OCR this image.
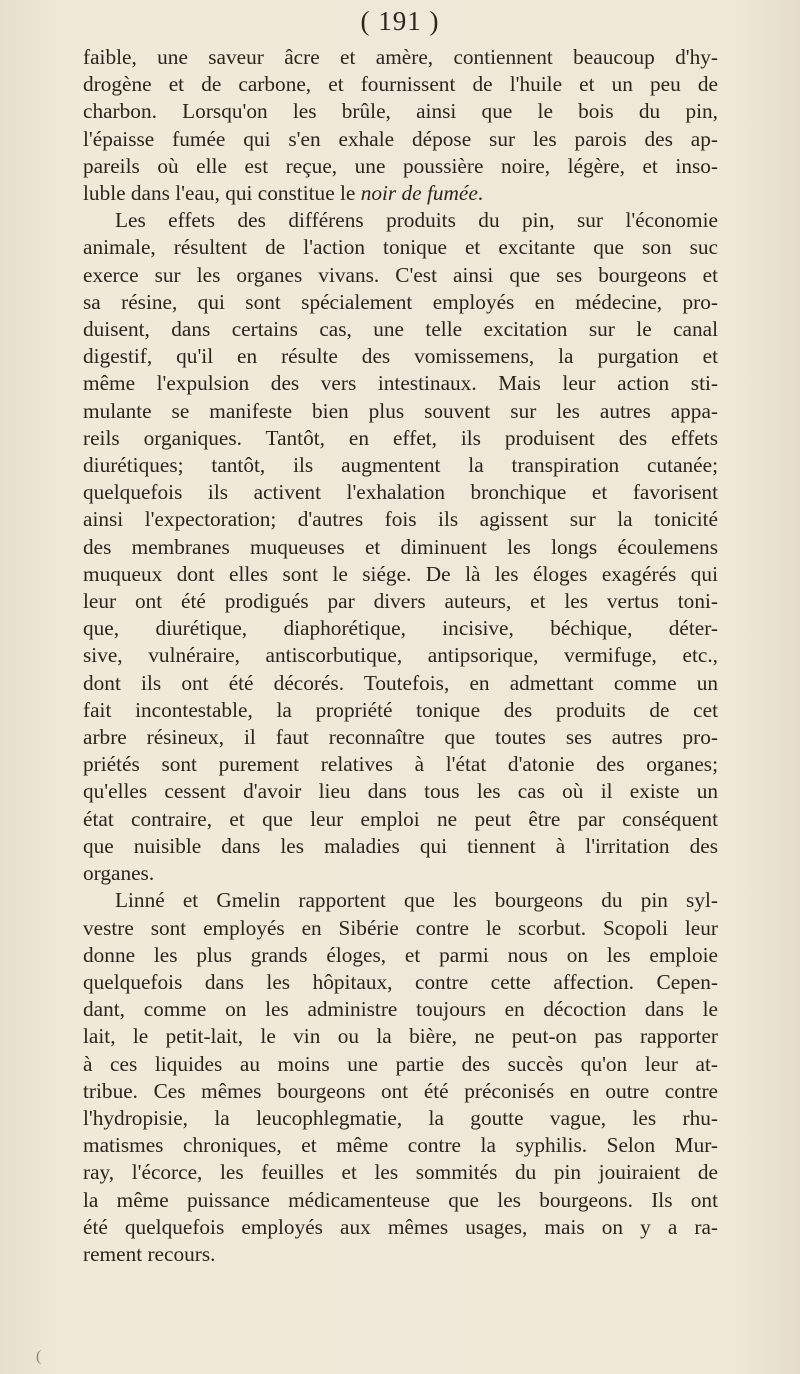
( 191 )

faible, une saveur âcre et amère, contiennent beaucoup d'hy-
drogène et de carbone, et fournissent de l'huile et un peu de
charbon. Lorsqu'on les brûle, ainsi que le bois du pin,
l'épaisse fumée qui s'en exhale dépose sur les parois des ap-
pareils où elle est reçue, une poussière noire, légère, et inso-
luble dans l'eau, qui constitue le noir de fumée.

Les effets des différens produits du pin, sur l'économie
animale, résultent de l'action tonique et excitante que son suc
exerce sur les organes vivans. C'est ainsi que ses bourgeons et
sa résine, qui sont spécialement employés en médecine, pro-
duisent, dans certains cas, une telle excitation sur le canal
digestif, qu'il en résulte des vomissemens, la purgation et
même l'expulsion des vers intestinaux. Mais leur action sti-
mulante se manifeste bien plus souvent sur les autres appa-
reils organiques. Tantôt, en effet, ils produisent des effets
diurétiques; tantôt, ils augmentent la transpiration cutanée;
quelquefois ils activent l'exhalation bronchique et favorisent
ainsi l'expectoration; d'autres fois ils agissent sur la tonicité
des membranes muqueuses et diminuent les longs écoulemens
muqueux dont elles sont le siége. De là les éloges exagérés qui
leur ont été prodigués par divers auteurs, et les vertus toni-
que, diurétique, diaphorétique, incisive, béchique, déter-
sive, vulnéraire, antiscorbutique, antipsorique, vermifuge, etc.,
dont ils ont été décorés. Toutefois, en admettant comme un
fait incontestable, la propriété tonique des produits de cet
arbre résineux, il faut reconnaître que toutes ses autres pro-
priétés sont purement relatives à l'état d'atonie des organes;
qu'elles cessent d'avoir lieu dans tous les cas où il existe un
état contraire, et que leur emploi ne peut être par conséquent
que nuisible dans les maladies qui tiennent à l'irritation des
organes.

Linné et Gmelin rapportent que les bourgeons du pin syl-
vestre sont employés en Sibérie contre le scorbut. Scopoli leur
donne les plus grands éloges, et parmi nous on les emploie
quelquefois dans les hôpitaux, contre cette affection. Cepen-
dant, comme on les administre toujours en décoction dans le
lait, le petit-lait, le vin ou la bière, ne peut-on pas rapporter
à ces liquides au moins une partie des succès qu'on leur at-
tribue. Ces mêmes bourgeons ont été préconisés en outre contre
l'hydropisie, la leucophlegmatie, la goutte vague, les rhu-
matismes chroniques, et même contre la syphilis. Selon Mur-
ray, l'écorce, les feuilles et les sommités du pin jouiraient de
la même puissance médicamenteuse que les bourgeons. Ils ont
été quelquefois employés aux mêmes usages, mais on y a ra-
rement recours.

(
